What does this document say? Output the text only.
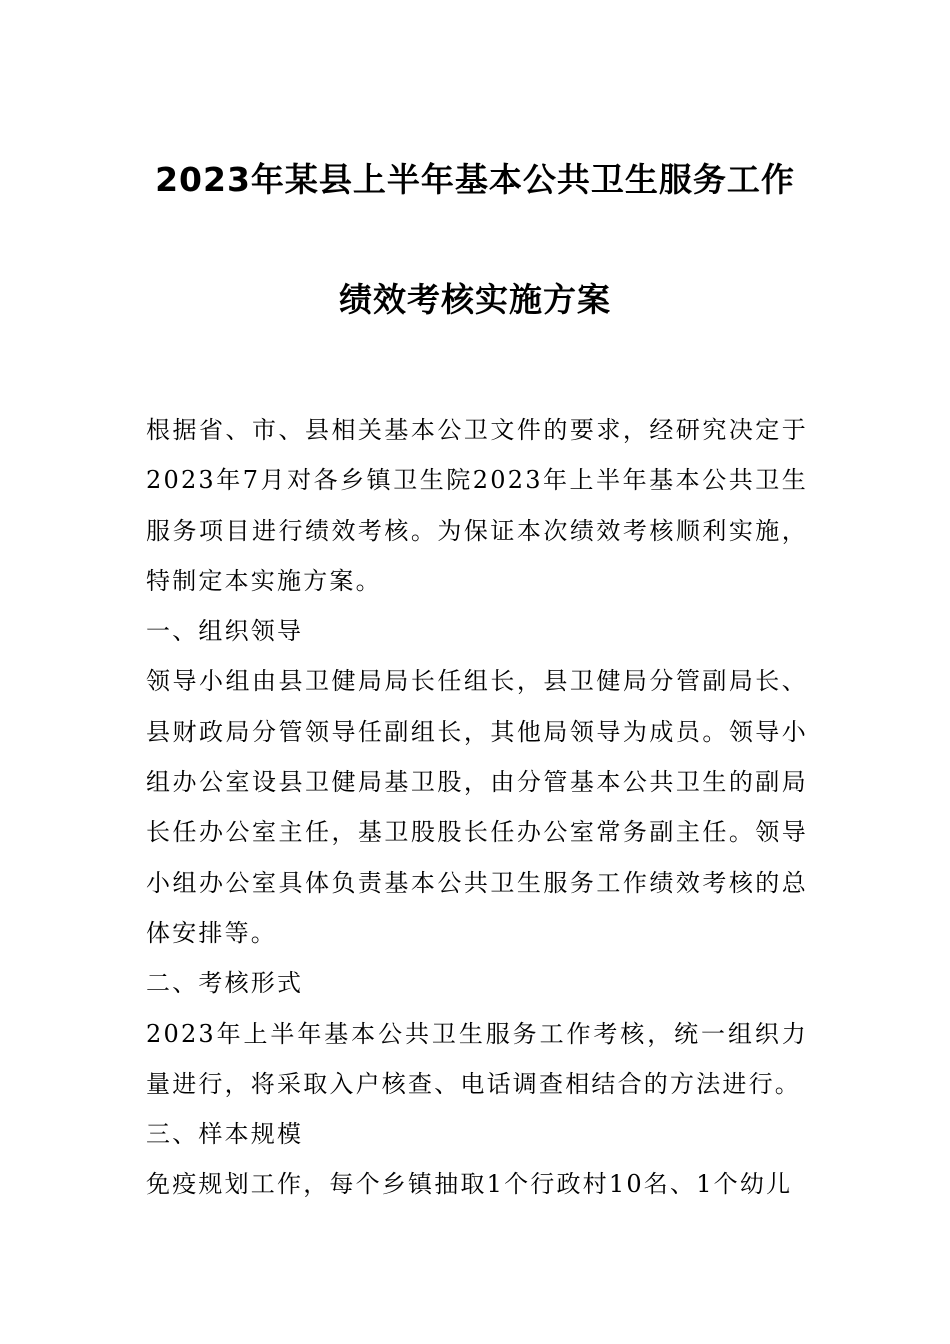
2023年某县上半年基本公共卫生服务工作
绩效考核实施方案

根据省、市、县相关基本公卫文件的要求，经研究决定于2023年7月对各乡镇卫生院2023年上半年基本公共卫生服务项目进行绩效考核。为保证本次绩效考核顺利实施，特制定本实施方案。

一、组织领导

领导小组由县卫健局局长任组长，县卫健局分管副局长、县财政局分管领导任副组长，其他局领导为成员。领导小组办公室设县卫健局基卫股，由分管基本公共卫生的副局长任办公室主任，基卫股股长任办公室常务副主任。领导小组办公室具体负责基本公共卫生服务工作绩效考核的总体安排等。

二、考核形式

2023年上半年基本公共卫生服务工作考核，统一组织力量进行，将采取入户核查、电话调查相结合的方法进行。

三、样本规模

免疫规划工作，每个乡镇抽取1个行政村10名、1个幼儿
